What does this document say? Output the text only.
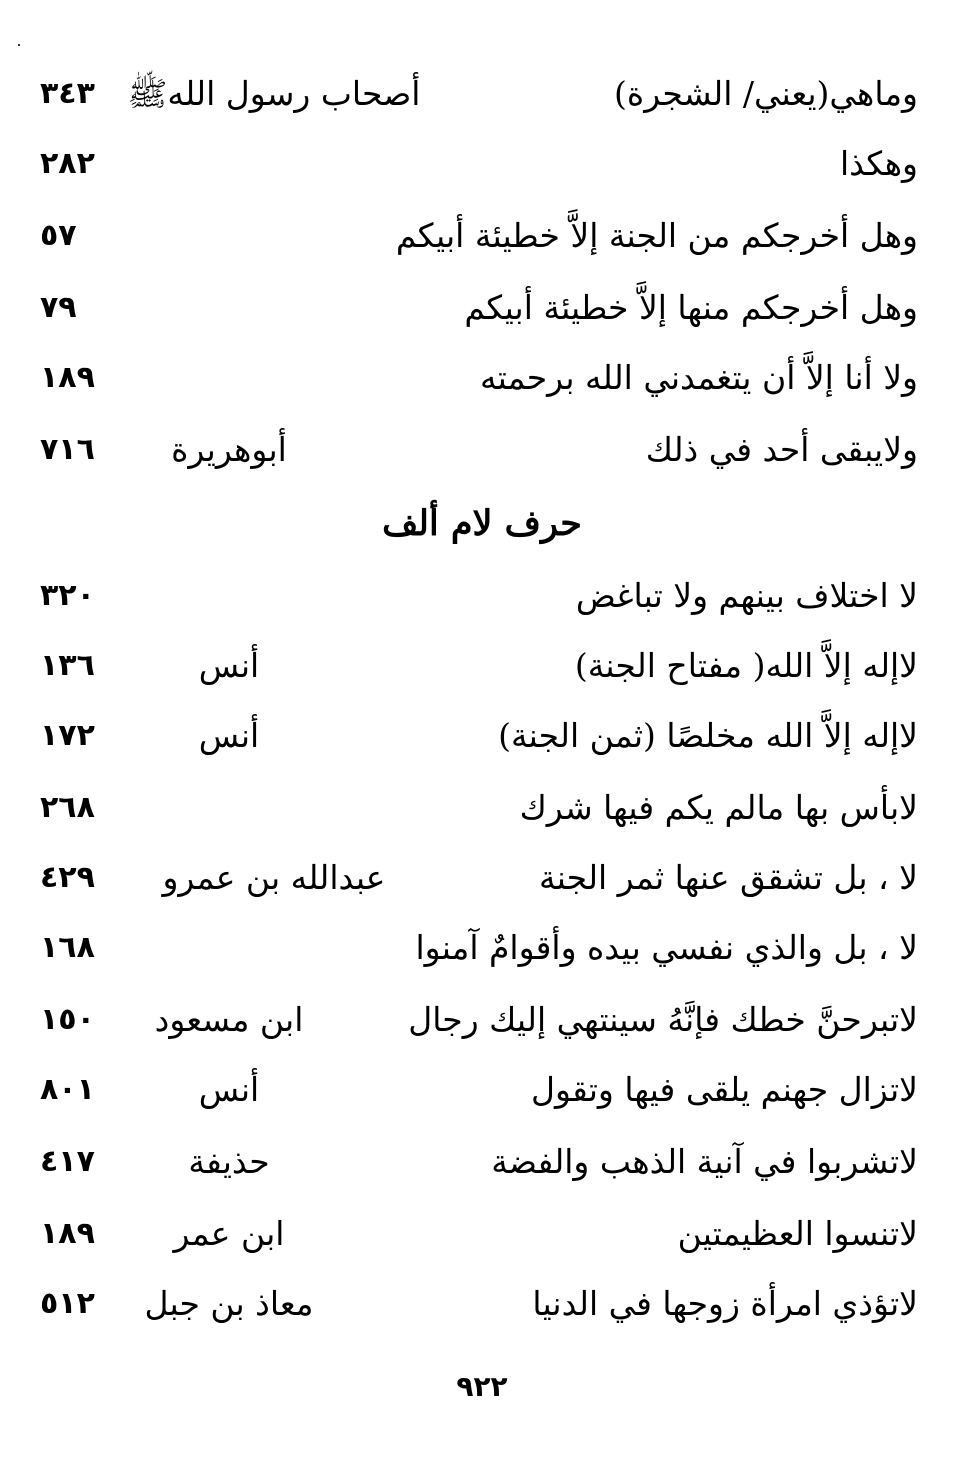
وماهي(يعني/ الشجرة)
أصحاب رسول اللهﷺ
٣٤٣
وهكذا
٢٨٢
وهل أخرجكم من الجنة إلاَّ خطيئة أبيكم
٥٧
وهل أخرجكم منها إلاَّ خطيئة أبيكم
٧٩
ولا أنا إلاَّ أن يتغمدني الله برحمته
١٨٩
ولايبقى أحد في ذلك
أبوهريرة
٧١٦
حرف لام ألف
لا اختلاف بينهم ولا تباغض
٣٢٠
لاإله إلاَّ الله( مفتاح الجنة)
أنس
١٣٦
لاإله إلاَّ الله مخلصًا (ثمن الجنة)
أنس
١٧٢
لابأس بها مالم يكم فيها شرك
٢٦٨
لا ، بل تشقق عنها ثمر الجنة
عبدالله بن عمرو
٤٢٩
لا ، بل والذي نفسي بيده وأقوامٌ آمنوا
١٦٨
لاتبرحنَّ خطك فإنَّهُ سينتهي إليك رجال
ابن مسعود
١٥٠
لاتزال جهنم يلقى فيها وتقول
أنس
٨٠١
لاتشربوا في آنية الذهب والفضة
حذيفة
٤١٧
لاتنسوا العظيمتين
ابن عمر
١٨٩
لاتؤذي امرأة زوجها في الدنيا
معاذ بن جبل
٥١٢
٩٢٢
